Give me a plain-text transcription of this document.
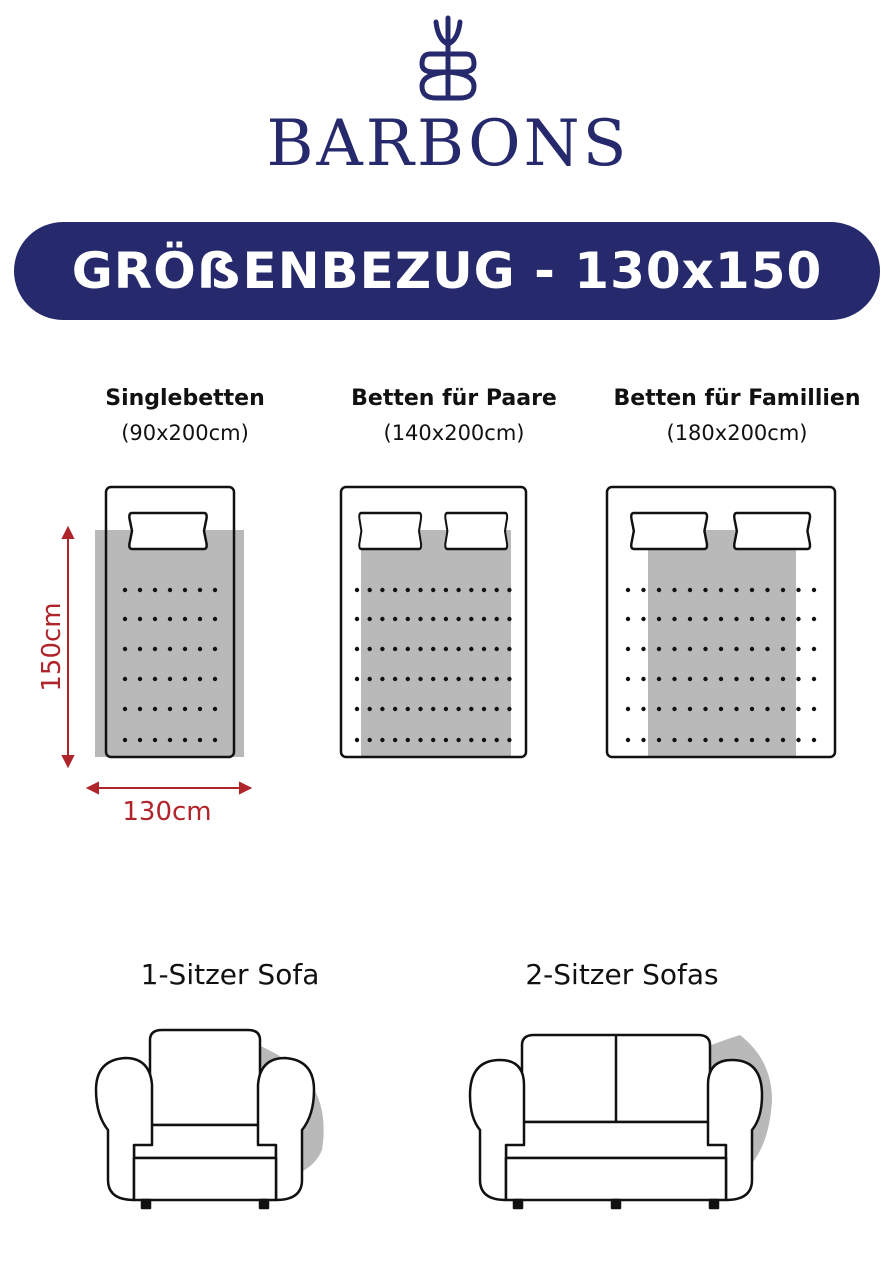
BARBONS
GRÖẞENBEZUG - 130x150
Singlebetten
(90x200cm)
Betten für Paare
(140x200cm)
Betten für Famillien
(180x200cm)
150cm
130cm
1-Sitzer Sofa	2-Sitzer Sofas
